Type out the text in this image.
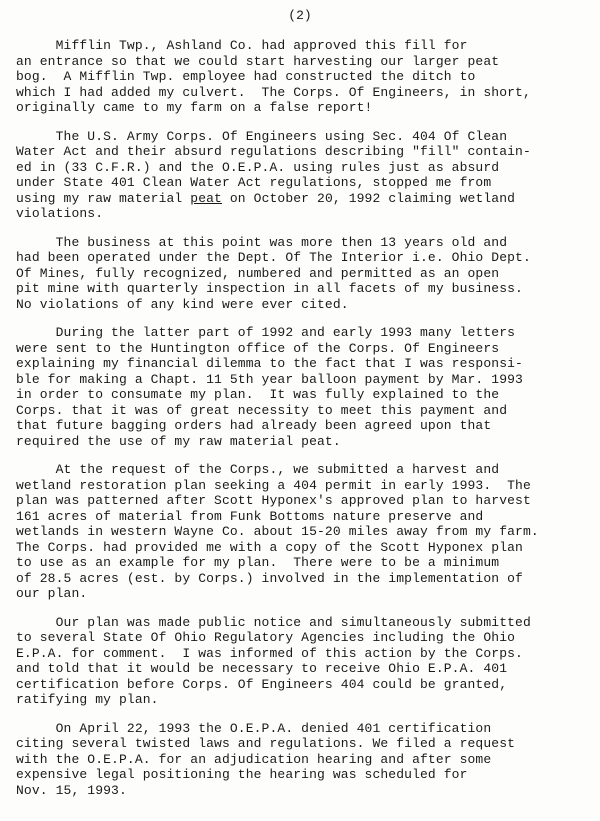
(2)
Mifflin Twp., Ashland Co. had approved this fill for
an entrance so that we could start harvesting our larger peat
bog.  A Mifflin Twp. employee had constructed the ditch to
which I had added my culvert.  The Corps. Of Engineers, in short,
originally came to my farm on a false report!
The U.S. Army Corps. Of Engineers using Sec. 404 Of Clean
Water Act and their absurd regulations describing "fill" contain-
ed in (33 C.F.R.) and the O.E.P.A. using rules just as absurd
under State 401 Clean Water Act regulations, stopped me from
using my raw material peat on October 20, 1992 claiming wetland
violations.
The business at this point was more then 13 years old and
had been operated under the Dept. Of The Interior i.e. Ohio Dept.
Of Mines, fully recognized, numbered and permitted as an open
pit mine with quarterly inspection in all facets of my business.
No violations of any kind were ever cited.
During the latter part of 1992 and early 1993 many letters
were sent to the Huntington office of the Corps. Of Engineers
explaining my financial dilemma to the fact that I was responsi-
ble for making a Chapt. 11 5th year balloon payment by Mar. 1993
in order to consumate my plan.  It was fully explained to the
Corps. that it was of great necessity to meet this payment and
that future bagging orders had already been agreed upon that
required the use of my raw material peat.
At the request of the Corps., we submitted a harvest and
wetland restoration plan seeking a 404 permit in early 1993.  The
plan was patterned after Scott Hyponex's approved plan to harvest
161 acres of material from Funk Bottoms nature preserve and
wetlands in western Wayne Co. about 15-20 miles away from my farm.
The Corps. had provided me with a copy of the Scott Hyponex plan
to use as an example for my plan.  There were to be a minimum
of 28.5 acres (est. by Corps.) involved in the implementation of
our plan.
Our plan was made public notice and simultaneously submitted
to several State Of Ohio Regulatory Agencies including the Ohio
E.P.A. for comment.  I was informed of this action by the Corps.
and told that it would be necessary to receive Ohio E.P.A. 401
certification before Corps. Of Engineers 404 could be granted,
ratifying my plan.
On April 22, 1993 the O.E.P.A. denied 401 certification
citing several twisted laws and regulations. We filed a request
with the O.E.P.A. for an adjudication hearing and after some
expensive legal positioning the hearing was scheduled for
Nov. 15, 1993.
